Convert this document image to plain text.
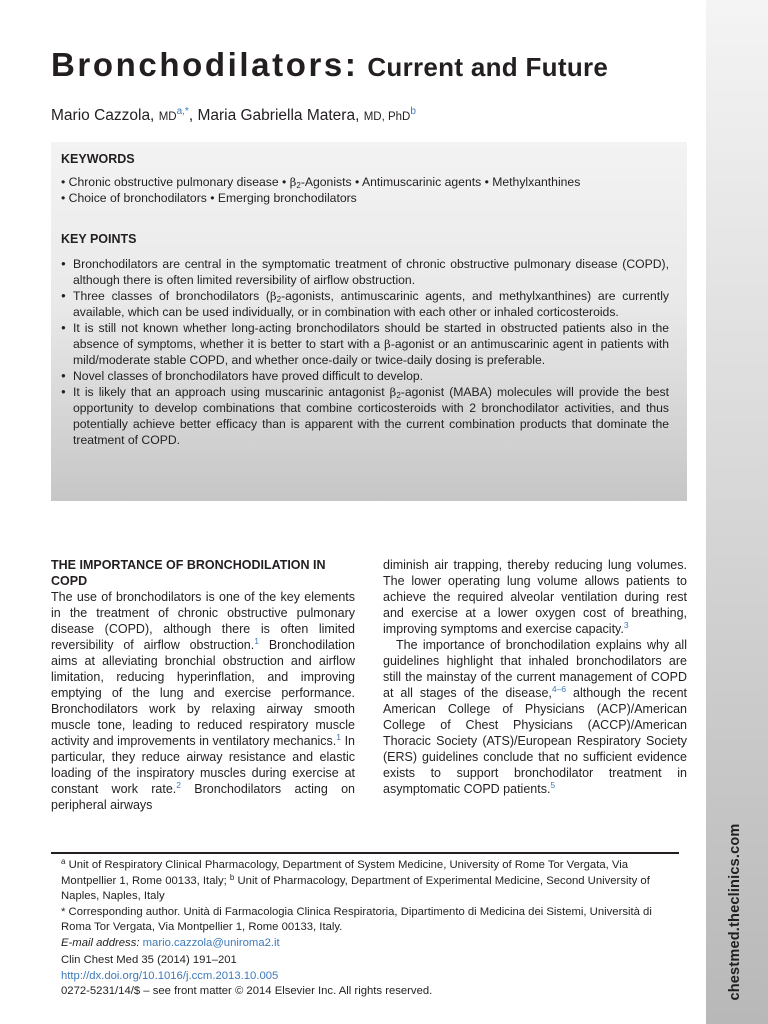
chestmed.theclinics.com
Bronchodilators: Current and Future
Mario Cazzola, MD$^{a,*}$, Maria Gabriella Matera, MD, PhD$^b$
KEYWORDS
• Chronic obstructive pulmonary disease • β2-Agonists • Antimuscarinic agents • Methylxanthines
• Choice of bronchodilators • Emerging bronchodilators
KEY POINTS
● Bronchodilators are central in the symptomatic treatment of chronic obstructive pulmonary disease (COPD), although there is often limited reversibility of airflow obstruction.
● Three classes of bronchodilators (β2-agonists, antimuscarinic agents, and methylxanthines) are currently available, which can be used individually, or in combination with each other or inhaled corticosteroids.
● It is still not known whether long-acting bronchodilators should be started in obstructed patients also in the absence of symptoms, whether it is better to start with a β-agonist or an antimuscarinic agent in patients with mild/moderate stable COPD, and whether once-daily or twice-daily dosing is preferable.
● Novel classes of bronchodilators have proved difficult to develop.
● It is likely that an approach using muscarinic antagonist β2-agonist (MABA) molecules will provide the best opportunity to develop combinations that combine corticosteroids with 2 bronchodilator activities, and thus potentially achieve better efficacy than is apparent with the current combination products that dominate the treatment of COPD.

THE IMPORTANCE OF BRONCHODILATION IN COPD

The use of bronchodilators is one of the key elements in the treatment of chronic obstructive pulmonary disease (COPD), although there is often limited reversibility of airflow obstruction.$^1$ Bronchodilation aims at alleviating bronchial obstruction and airflow limitation, reducing hyperinflation, and improving emptying of the lung and exercise performance. Bronchodilators work by relaxing airway smooth muscle tone, leading to reduced respiratory muscle activity and improvements in ventilatory mechanics.$^1$ In particular, they reduce airway resistance and elastic loading of the inspiratory muscles during exercise at constant work rate.$^2$ Bronchodilators acting on peripheral airways

diminish air trapping, thereby reducing lung volumes. The lower operating lung volume allows patients to achieve the required alveolar ventilation during rest and exercise at a lower oxygen cost of breathing, improving symptoms and exercise capacity.$^3$

The importance of bronchodilation explains why all guidelines highlight that inhaled bronchodilators are still the mainstay of the current management of COPD at all stages of the disease,$^{4-6}$ although the recent American College of Physicians (ACP)/American College of Chest Physicians (ACCP)/American Thoracic Society (ATS)/European Respiratory Society (ERS) guidelines conclude that no sufficient evidence exists to support bronchodilator treatment in asymptomatic COPD patients.$^5$

$^a$ Unit of Respiratory Clinical Pharmacology, Department of System Medicine, University of Rome Tor Vergata, Via Montpellier 1, Rome 00133, Italy; $^b$ Unit of Pharmacology, Department of Experimental Medicine, Second University of Naples, Naples, Italy

* Corresponding author. Unità di Farmacologia Clinica Respiratoria, Dipartimento di Medicina dei Sistemi, Università di Roma Tor Vergata, Via Montpellier 1, Rome 00133, Italy.

E-mail address: mario.cazzola@uniroma2.it

Clin Chest Med 35 (2014) 191–201

http://dx.doi.org/10.1016/j.ccm.2013.10.005

0272-5231/14/$ – see front matter © 2014 Elsevier Inc. All rights reserved.
